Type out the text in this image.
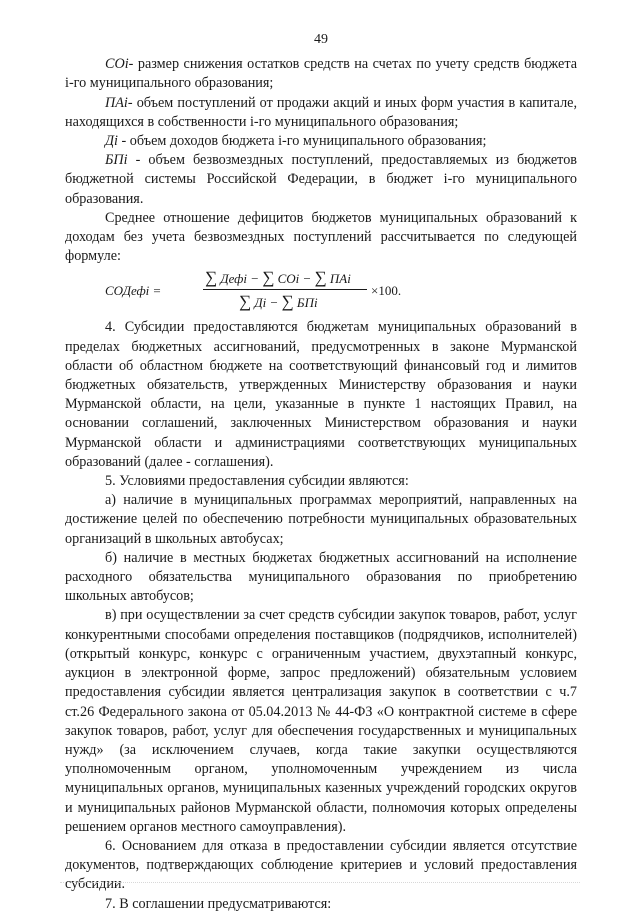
49

COi- размер снижения остатков средств на счетах по учету средств бюджета i-го муниципального образования;

ПАi- объем поступлений от продажи акций и иных форм участия в капитале, находящихся в собственности i-го муниципального образования;

Дi - объем доходов бюджета i-го муниципального образования;

БПi - объем безвозмездных поступлений, предоставляемых из бюджетов бюджетной системы Российской Федерации, в бюджет i-го муниципального образования.

Среднее отношение дефицитов бюджетов муниципальных образований к доходам без учета безвозмездных поступлений рассчитывается по следующей формуле:

СОДефi =
∑ Дефi − ∑ COi − ∑ ПАi
∑ Дi − ∑ БПi
×100.

4. Субсидии предоставляются бюджетам муниципальных образований в пределах бюджетных ассигнований, предусмотренных в законе Мурманской области об областном бюджете на соответствующий финансовый год и лимитов бюджетных обязательств, утвержденных Министерству образования и науки Мурманской области, на цели, указанные в пункте 1 настоящих Правил, на основании соглашений, заключенных Министерством образования и науки Мурманской области и администрациями соответствующих муниципальных образований (далее - соглашения).

5. Условиями предоставления субсидии являются:

а) наличие в муниципальных программах мероприятий, направленных на достижение целей по обеспечению потребности муниципальных образовательных организаций в школьных автобусах;

б) наличие в местных бюджетах бюджетных ассигнований на исполнение расходного обязательства муниципального образования по приобретению школьных автобусов;

в) при осуществлении за счет средств субсидии закупок товаров, работ, услуг конкурентными способами определения поставщиков (подрядчиков, исполнителей) (открытый конкурс, конкурс с ограниченным участием, двухэтапный конкурс, аукцион в электронной форме, запрос предложений) обязательным условием предоставления субсидии является централизация закупок в соответствии с ч.7 ст.26 Федерального закона от 05.04.2013 № 44-ФЗ «О контрактной системе в сфере закупок товаров, работ, услуг для обеспечения государственных и муниципальных нужд» (за исключением случаев, когда такие закупки осуществляются уполномоченным органом, уполномоченным учреждением из числа муниципальных органов, муниципальных казенных учреждений городских округов и муниципальных районов Мурманской области, полномочия которых определены решением органов местного самоуправления).

6. Основанием для отказа в предоставлении субсидии является отсутствие документов, подтверждающих соблюдение критериев и условий предоставления субсидии.

7. В соглашении предусматриваются:
